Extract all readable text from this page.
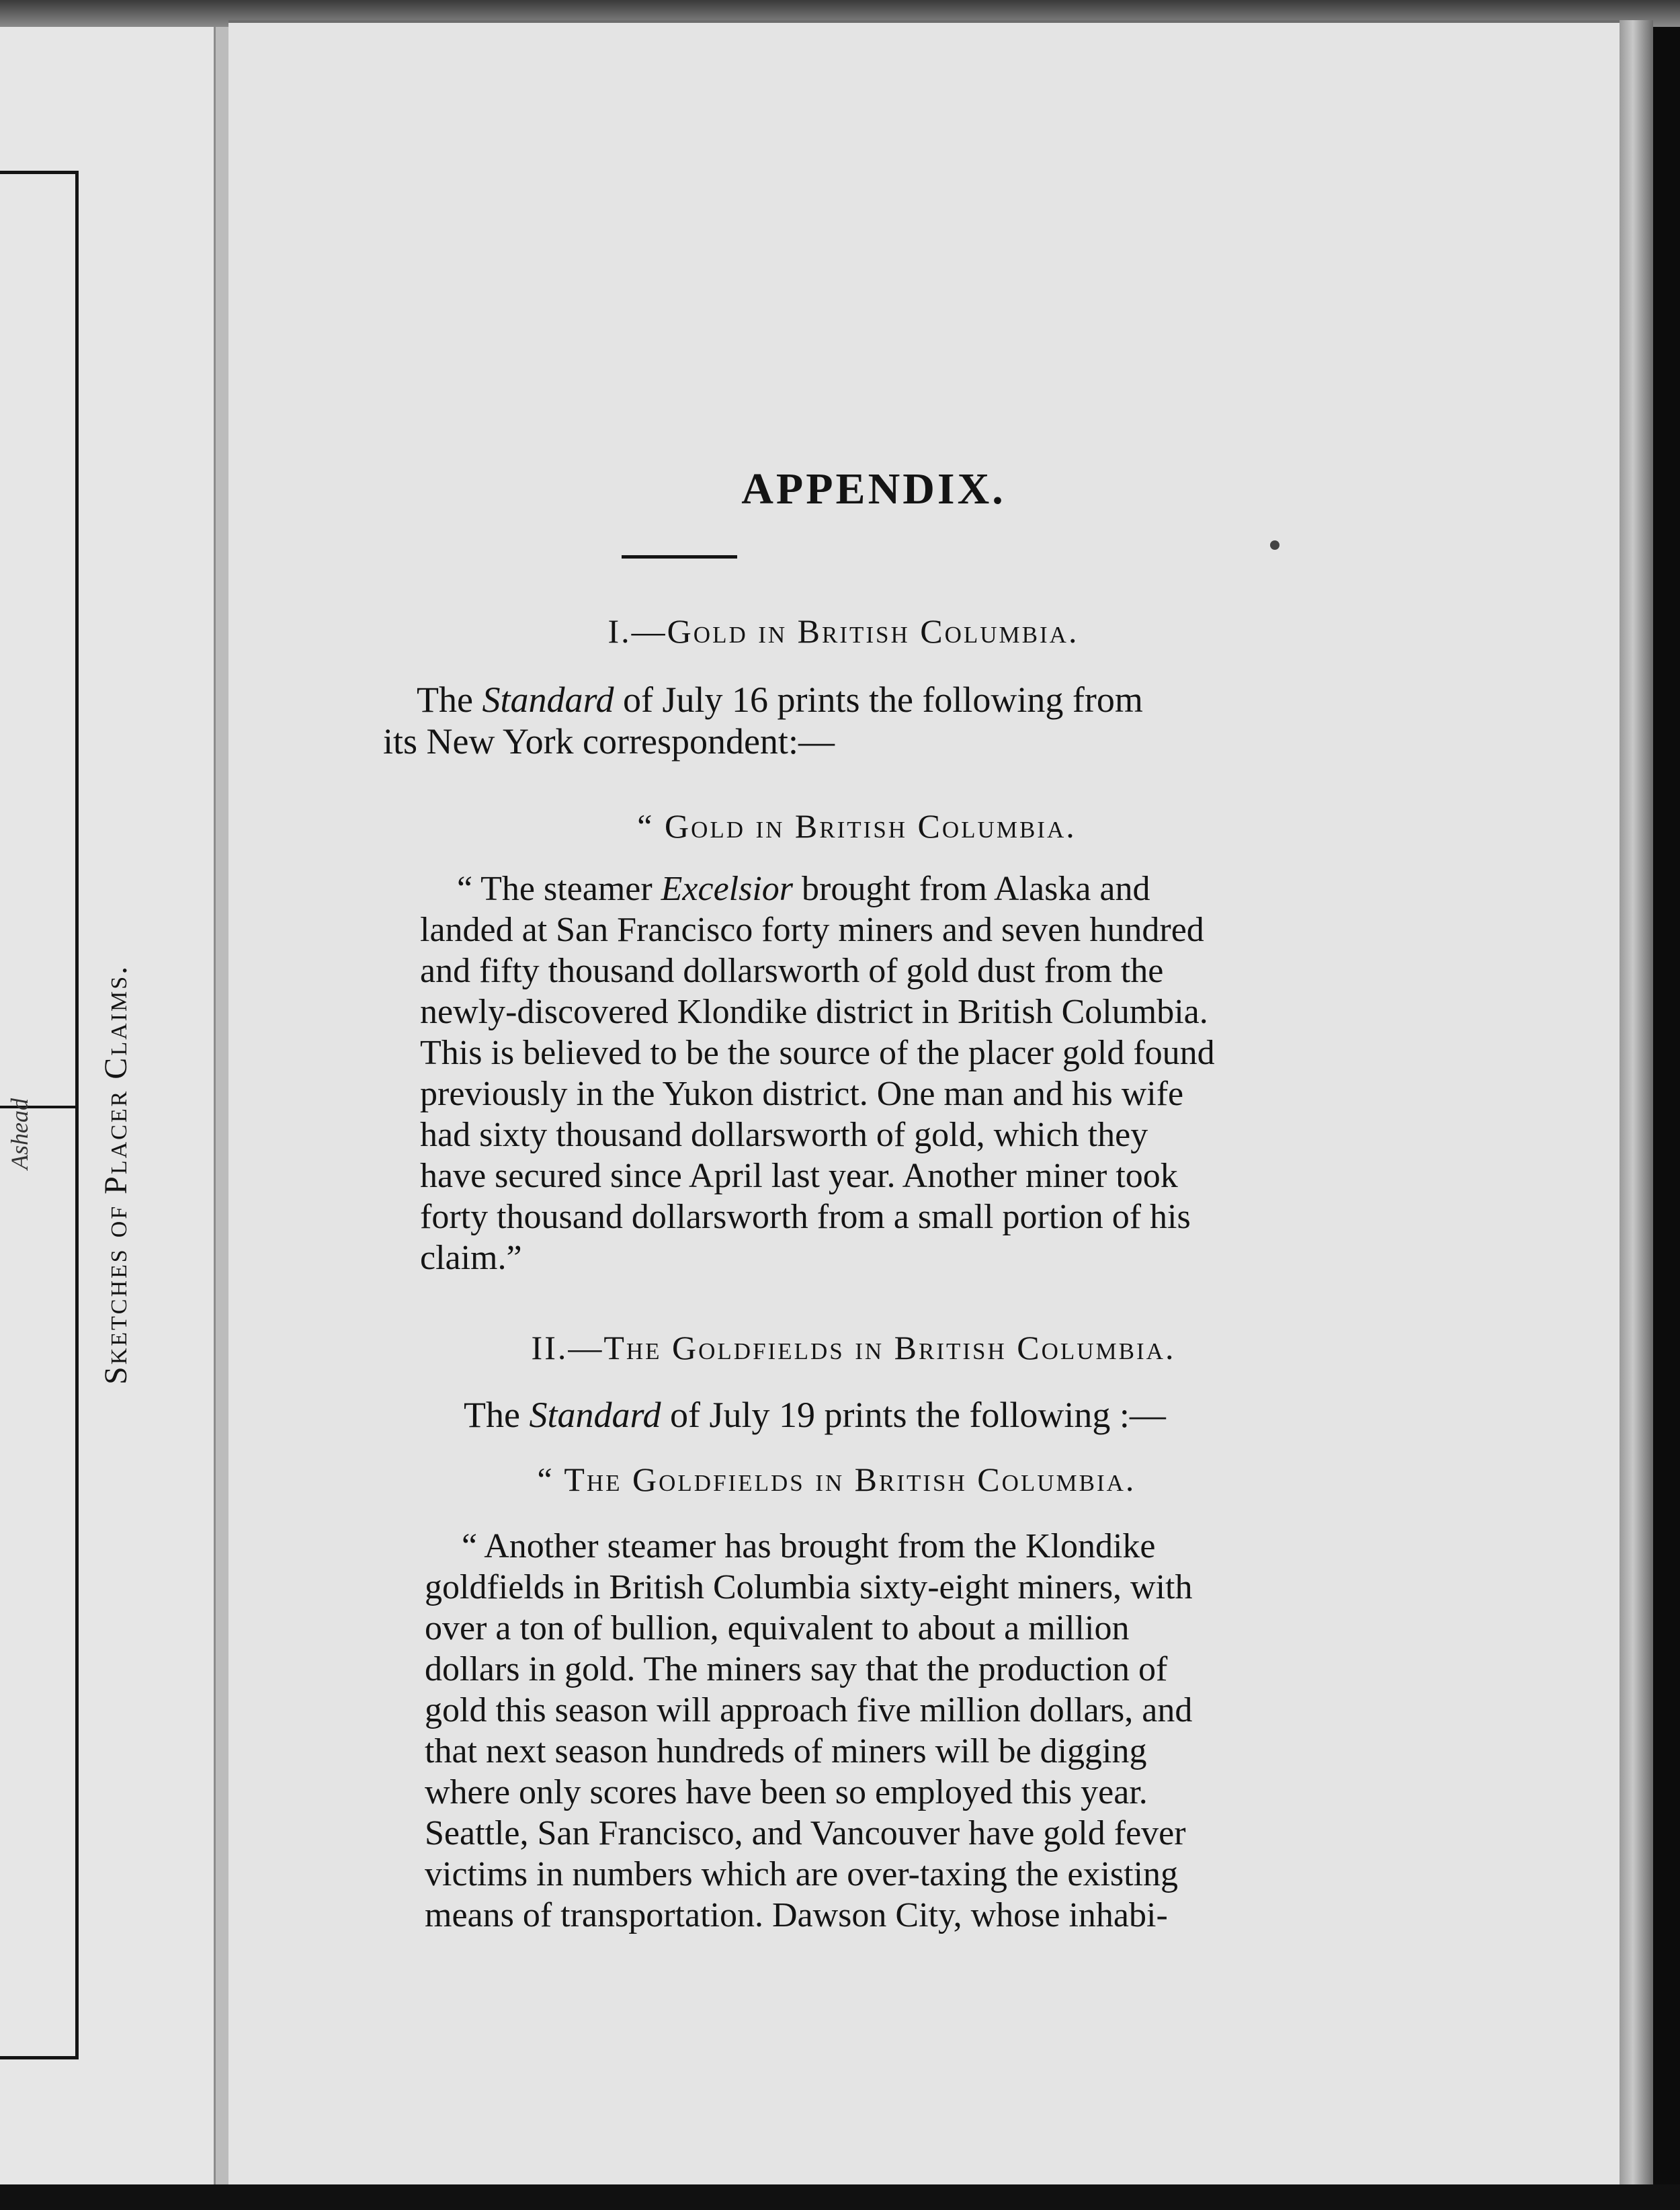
Ashead Sketches of Placer Claims.
APPENDIX.
I.—Gold in British Columbia.

The Standard of July 16 prints the following from
its New York correspondent:—

“ Gold in British Columbia.

“ The steamer Excelsior brought from Alaska and
landed at San Francisco forty miners and seven hundred
and fifty thousand dollarsworth of gold dust from the
newly-discovered Klondike district in British Columbia.
This is believed to be the source of the placer gold found
previously in the Yukon district. One man and his wife
had sixty thousand dollarsworth of gold, which they
have secured since April last year. Another miner took
forty thousand dollarsworth from a small portion of his
claim.”

II.—The Goldfields in British Columbia.

The Standard of July 19 prints the following :—

“ The Goldfields in British Columbia.

“ Another steamer has brought from the Klondike
goldfields in British Columbia sixty-eight miners, with
over a ton of bullion, equivalent to about a million
dollars in gold. The miners say that the production of
gold this season will approach five million dollars, and
that next season hundreds of miners will be digging
where only scores have been so employed this year.
Seattle, San Francisco, and Vancouver have gold fever
victims in numbers which are over-taxing the existing
means of transportation. Dawson City, whose inhabi-
